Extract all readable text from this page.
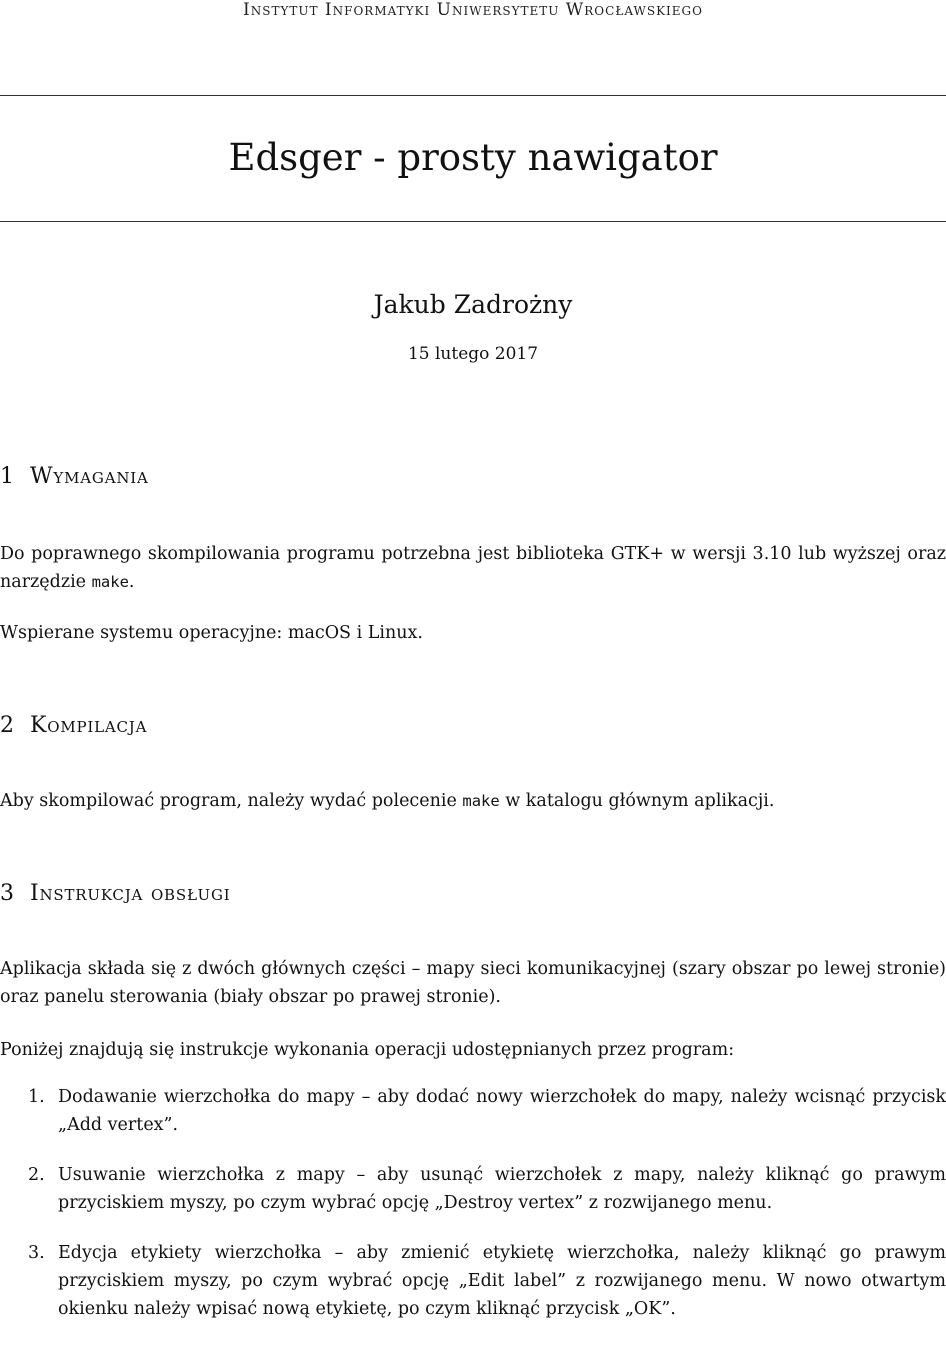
Instytut Informatyki Uniwersytetu Wrocławskiego
Edsger - prosty nawigator
Jakub Zadrożny
15 lutego 2017
1 Wymagania

Do poprawnego skompilowania programu potrzebna jest biblioteka GTK+ w wersji 3.10 lub wyższej oraz narzędzie make.

Wspierane systemu operacyjne: macOS i Linux.

2 Kompilacja

Aby skompilować program, należy wydać polecenie make w katalogu głównym aplikacji.

3 Instrukcja obsługi

Aplikacja składa się z dwóch głównych części – mapy sieci komunikacyjnej (szary obszar po lewej stronie) oraz panelu sterowania (biały obszar po prawej stronie).

Poniżej znajdują się instrukcje wykonania operacji udostępnianych przez program:

1. Dodawanie wierzchołka do mapy – aby dodać nowy wierzchołek do mapy, należy wcisnąć przycisk „Add vertex”.
2. Usuwanie wierzchołka z mapy – aby usunąć wierzchołek z mapy, należy kliknąć go prawym przyciskiem myszy, po czym wybrać opcję „Destroy vertex” z rozwijanego menu.
3. Edycja etykiety wierzchołka – aby zmienić etykietę wierzchołka, należy kliknąć go prawym przyciskiem myszy, po czym wybrać opcję „Edit label” z rozwijanego menu. W nowo otwartym okienku należy wpisać nową etykietę, po czym kliknąć przycisk „OK”.
